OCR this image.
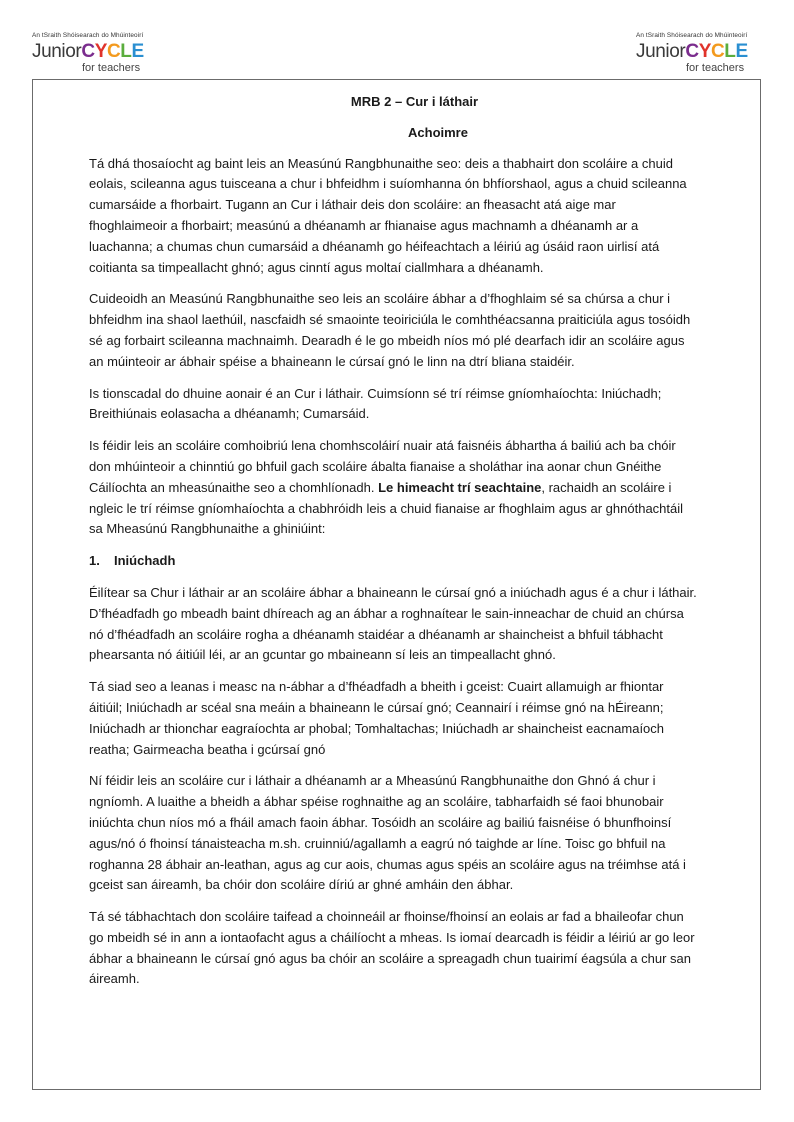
An tSraith Shóisearach do Mhúinteoirí
JuniorCYCLE
for teachers
An tSraith Shóisearach do Mhúinteoirí
JuniorCYCLE
for teachers
MRB 2 – Cur i láthair
Achoimre

Tá dhá thosaíocht ag baint leis an Measúnú Rangbhunaithe seo: deis a thabhairt don scoláire a chuid eolais, scileanna agus tuisceana a chur i bhfeidhm i suíomhanna ón bhfíorshaol, agus a chuid scileanna cumarsáide a fhorbairt. Tugann an Cur i láthair deis don scoláire: an fheasacht atá aige mar fhoghlaimeoir a fhorbairt; measúnú a dhéanamh ar fhianaise agus machnamh a dhéanamh ar a luachanna; a chumas chun cumarsáid a dhéanamh go héifeachtach a léiriú ag úsáid raon uirlisí atá coitianta sa timpeallacht ghnó; agus cinntí agus moltaí ciallmhara a dhéanamh.

Cuideoidh an Measúnú Rangbhunaithe seo leis an scoláire ábhar a d’fhoghlaim sé sa chúrsa a chur i bhfeidhm ina shaol laethúil, nascfaidh sé smaointe teoiriciúla le comhthéacsanna praiticiúla agus tosóidh sé ag forbairt scileanna machnaimh. Dearadh é le go mbeidh níos mó plé dearfach idir an scoláire agus an múinteoir ar ábhair spéise a bhaineann le cúrsaí gnó le linn na dtrí bliana staidéir.

Is tionscadal do dhuine aonair é an Cur i láthair. Cuimsíonn sé trí réimse gníomhaíochta: Iniúchadh; Breithiúnais eolasacha a dhéanamh; Cumarsáid.

Is féidir leis an scoláire comhoibriú lena chomhscoláirí nuair atá faisnéis ábhartha á bailiú ach ba chóir don mhúinteoir a chinntiú go bhfuil gach scoláire ábalta fianaise a sholáthar ina aonar chun Gnéithe Cáilíochta an mheasúnaithe seo a chomhlíonadh. Le himeacht trí seachtaine, rachaidh an scoláire i ngleic le trí réimse gníomhaíochta a chabhróidh leis a chuid fianaise ar fhoghlaim agus ar ghnóthachtáil sa Mheasúnú Rangbhunaithe a ghiniúint:

1. Iniúchadh

Éilítear sa Chur i láthair ar an scoláire ábhar a bhaineann le cúrsaí gnó a iniúchadh agus é a chur i láthair. D’fhéadfadh go mbeadh baint dhíreach ag an ábhar a roghnaítear le sain-inneachar de chuid an chúrsa nó d’fhéadfadh an scoláire rogha a dhéanamh staidéar a dhéanamh ar shaincheist a bhfuil tábhacht phearsanta nó áitiúil léi, ar an gcuntar go mbaineann sí leis an timpeallacht ghnó.

Tá siad seo a leanas i measc na n-ábhar a d’fhéadfadh a bheith i gceist: Cuairt allamuigh ar fhiontar áitiúil; Iniúchadh ar scéal sna meáin a bhaineann le cúrsaí gnó; Ceannairí i réimse gnó na hÉireann; Iniúchadh ar thionchar eagraíochta ar phobal; Tomhaltachas; Iniúchadh ar shaincheist eacnamaíoch reatha; Gairmeacha beatha i gcúrsaí gnó

Ní féidir leis an scoláire cur i láthair a dhéanamh ar a Mheasúnú Rangbhunaithe don Ghnó á chur i ngníomh. A luaithe a bheidh a ábhar spéise roghnaithe ag an scoláire, tabharfaidh sé faoi bhunobair iniúchta chun níos mó a fháil amach faoin ábhar. Tosóidh an scoláire ag bailiú faisnéise ó bhunfhoinsí agus/nó ó fhoinsí tánaisteacha m.sh. cruinniú/agallamh a eagrú nó taighde ar líne. Toisc go bhfuil na roghanna 28 ábhair an-leathan, agus ag cur aois, chumas agus spéis an scoláire agus na tréimhse atá i gceist san áireamh, ba chóir don scoláire díriú ar ghné amháin den ábhar.

Tá sé tábhachtach don scoláire taifead a choinneáil ar fhoinse/fhoinsí an eolais ar fad a bhaileofar chun go mbeidh sé in ann a iontaofacht agus a cháilíocht a mheas. Is iomaí dearcadh is féidir a léiriú ar go leor ábhar a bhaineann le cúrsaí gnó agus ba chóir an scoláire a spreagadh chun tuairimí éagsúla a chur san áireamh.
